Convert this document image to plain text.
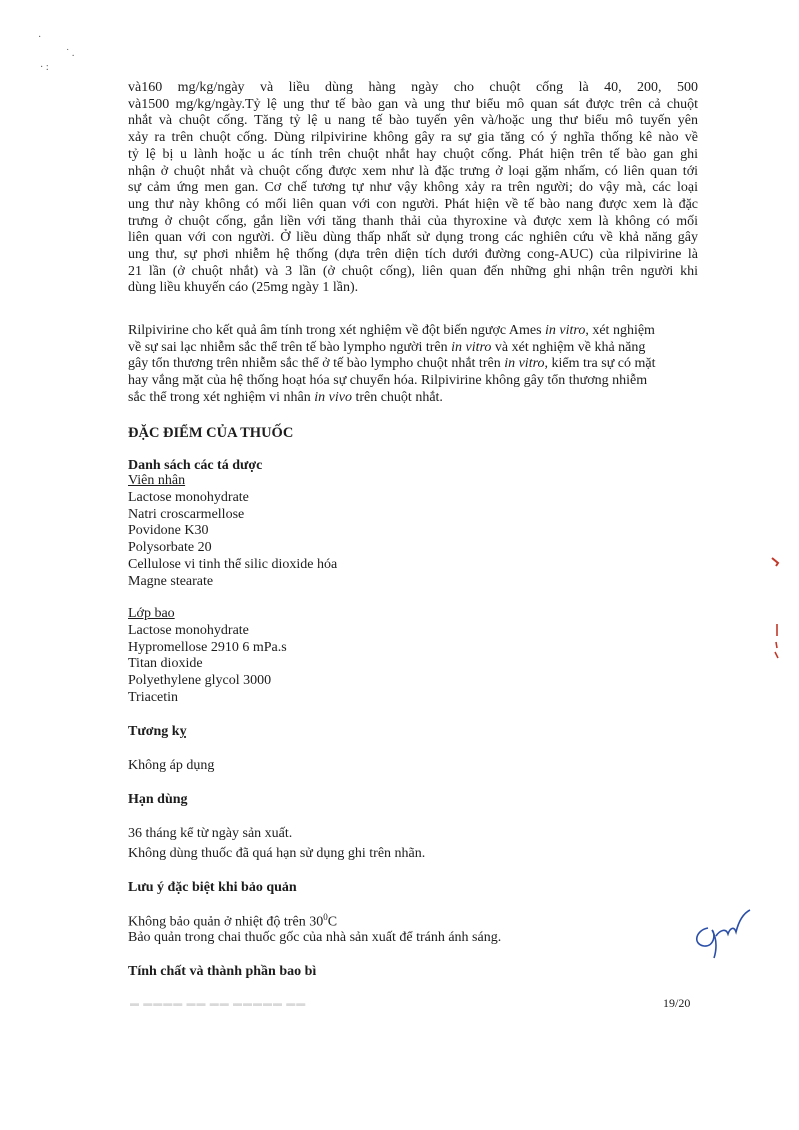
·
˙ .
· :
và160 mg/kg/ngày và liều dùng hàng ngày cho chuột cống là 40, 200, 500
và1500 mg/kg/ngày.Tỷ lệ ung thư tế bào gan và ung thư biểu mô quan sát được trên cả chuột
nhắt và chuột cống. Tăng tỷ lệ u nang tế bào tuyến yên và/hoặc ung thư biểu mô tuyến yên
xảy ra trên chuột cống. Dùng rilpivirine không gây ra sự gia tăng có ý nghĩa thống kê nào về
tỷ lệ bị u lành hoặc u ác tính trên chuột nhắt hay chuột cống. Phát hiện trên tế bào gan ghi
nhận ở chuột nhắt và chuột cống được xem như là đặc trưng ở loại gặm nhấm, có liên quan tới
sự cảm ứng men gan. Cơ chế tương tự như vậy không xảy ra trên người; do vậy mà, các loại
ung thư này không có mối liên quan với con người. Phát hiện về tế bào nang được xem là đặc
trưng ở chuột cống, gắn liền với tăng thanh thải của thyroxine và được xem là không có mối
liên quan với con người. Ở liều dùng thấp nhất sử dụng trong các nghiên cứu về khả năng gây
ung thư, sự phơi nhiễm hệ thống (dựa trên diện tích dưới đường cong-AUC) của rilpivirine là
21 lần (ở chuột nhắt) và 3 lần (ở chuột cống), liên quan đến những ghi nhận trên người khi
dùng liều khuyến cáo (25mg ngày 1 lần).

Rilpivirine cho kết quả âm tính trong xét nghiệm về đột biến ngược Ames in vitro, xét nghiệm
về sự sai lạc nhiễm sắc thể trên tế bào lympho người trên in vitro và xét nghiệm về khả năng
gây tổn thương trên nhiễm sắc thể ở tế bào lympho chuột nhắt trên in vitro, kiểm tra sự có mặt
hay vắng mặt của hệ thống hoạt hóa sự chuyển hóa. Rilpivirine không gây tổn thương nhiễm
sắc thể trong xét nghiệm vi nhân in vivo trên chuột nhắt.

ĐẶC ĐIỂM CỦA THUỐC

Danh sách các tá dược

Viên nhân

Lactose monohydrate

Natri croscarmellose

Povidone K30

Polysorbate 20

Cellulose vi tinh thể silic dioxide hóa

Magne stearate

Lớp bao

Lactose monohydrate

Hypromellose 2910 6 mPa.s

Titan dioxide

Polyethylene glycol 3000

Triacetin

Tương kỵ

Không áp dụng

Hạn dùng

36 tháng kể từ ngày sản xuất.

Không dùng thuốc đã quá hạn sử dụng ghi trên nhãn.

Lưu ý đặc biệt khi bảo quản

Không bảo quản ở nhiệt độ trên $30^0C$

Bảo quản trong chai thuốc gốc của nhà sản xuất để tránh ánh sáng.

Tính chất và thành phần bao bì

▬ ▬▬▬▬ ▬▬ ▬▬ ▬▬▬▬▬ ▬▬	19/20
